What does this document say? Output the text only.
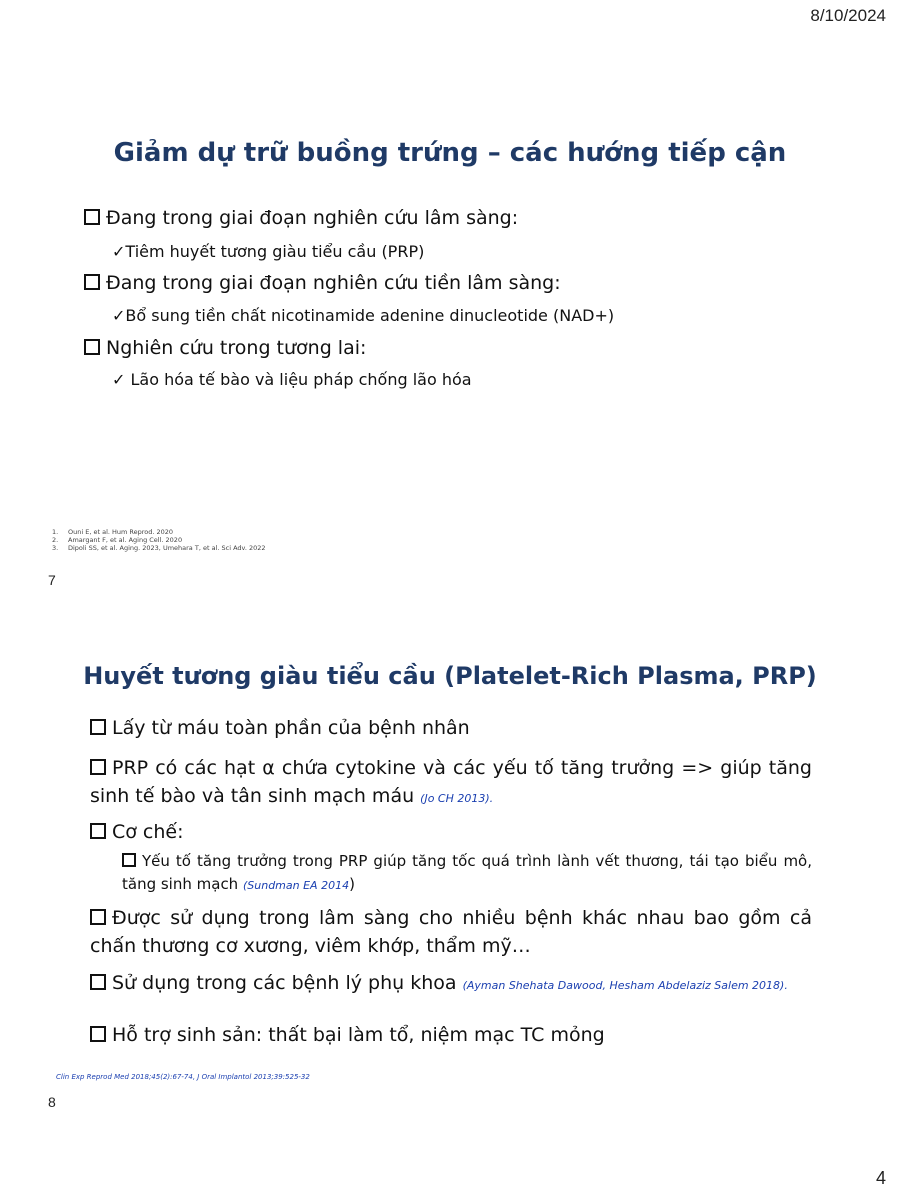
8/10/2024
Giảm dự trữ buồng trứng – các hướng tiếp cận
Đang trong giai đoạn nghiên cứu lâm sàng:
✓Tiêm huyết tương giàu tiểu cầu (PRP)
Đang trong giai đoạn nghiên cứu tiền lâm sàng:
✓Bổ sung tiền chất nicotinamide adenine dinucleotide (NAD+)
Nghiên cứu trong tương lai:
✓ Lão hóa tế bào và liệu pháp chống lão hóa
1. Ouni E, et al. Hum Reprod. 2020
2. Amargant F, et al. Aging Cell. 2020
3. Dipoli SS, et al. Aging. 2023, Umehara T, et al. Sci Adv. 2022
7
Huyết tương giàu tiểu cầu (Platelet-Rich Plasma, PRP)
Lấy từ máu toàn phần của bệnh nhân
PRP có các hạt α chứa cytokine và các yếu tố tăng trưởng => giúp tăng sinh tế bào và tân sinh mạch máu (Jo CH 2013).
Cơ chế:
Yếu tố tăng trưởng trong PRP giúp tăng tốc quá trình lành vết thương, tái tạo biểu mô, tăng sinh mạch (Sundman EA 2014)
Được sử dụng trong lâm sàng cho nhiều bệnh khác nhau bao gồm cả chấn thương cơ xương, viêm khớp, thẩm mỹ…
Sử dụng trong các bệnh lý phụ khoa (Ayman Shehata Dawood, Hesham Abdelaziz Salem 2018).
Hỗ trợ sinh sản: thất bại làm tổ, niệm mạc TC mỏng
Clin Exp Reprod Med 2018;45(2):67-74, J Oral Implantol 2013;39:525-32
8
4
